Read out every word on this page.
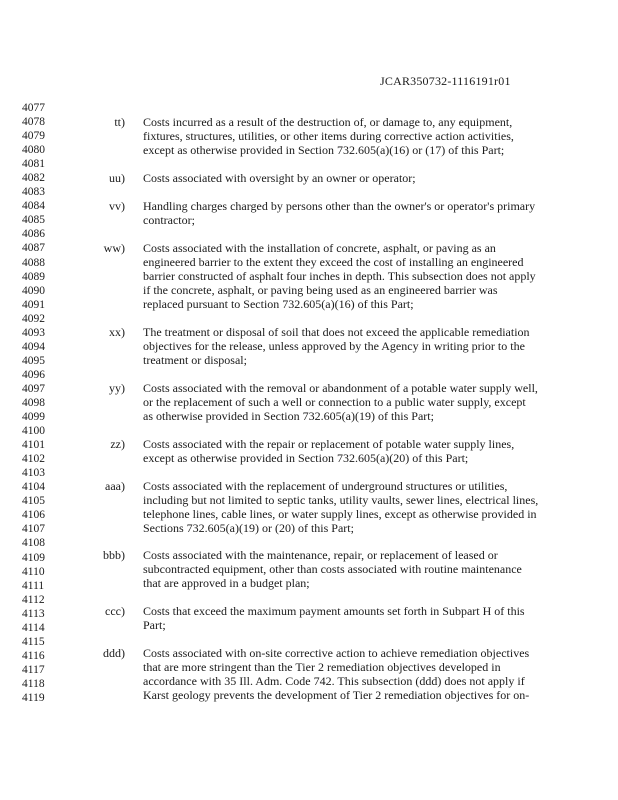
JCAR350732-1116191r01
4077
4078
4079
4080
4081
4082
4083
4084
4085
4086
4087
4088
4089
4090
4091
4092
4093
4094
4095
4096
4097
4098
4099
4100
4101
4102
4103
4104
4105
4106
4107
4108
4109
4110
4111
4112
4113
4114
4115
4116
4117
4118
4119
tt) Costs incurred as a result of the destruction of, or damage to, any equipment,
fixtures, structures, utilities, or other items during corrective action activities,
except as otherwise provided in Section 732.605(a)(16) or (17) of this Part;
uu) Costs associated with oversight by an owner or operator;
vv) Handling charges charged by persons other than the owner's or operator's primary
contractor;
ww) Costs associated with the installation of concrete, asphalt, or paving as an
engineered barrier to the extent they exceed the cost of installing an engineered
barrier constructed of asphalt four inches in depth. This subsection does not apply
if the concrete, asphalt, or paving being used as an engineered barrier was
replaced pursuant to Section 732.605(a)(16) of this Part;
xx) The treatment or disposal of soil that does not exceed the applicable remediation
objectives for the release, unless approved by the Agency in writing prior to the
treatment or disposal;
yy) Costs associated with the removal or abandonment of a potable water supply well,
or the replacement of such a well or connection to a public water supply, except
as otherwise provided in Section 732.605(a)(19) of this Part;
zz) Costs associated with the repair or replacement of potable water supply lines,
except as otherwise provided in Section 732.605(a)(20) of this Part;
aaa) Costs associated with the replacement of underground structures or utilities,
including but not limited to septic tanks, utility vaults, sewer lines, electrical lines,
telephone lines, cable lines, or water supply lines, except as otherwise provided in
Sections 732.605(a)(19) or (20) of this Part;
bbb) Costs associated with the maintenance, repair, or replacement of leased or
subcontracted equipment, other than costs associated with routine maintenance
that are approved in a budget plan;
ccc) Costs that exceed the maximum payment amounts set forth in Subpart H of this
Part;
ddd) Costs associated with on-site corrective action to achieve remediation objectives
that are more stringent than the Tier 2 remediation objectives developed in
accordance with 35 Ill. Adm. Code 742. This subsection (ddd) does not apply if
Karst geology prevents the development of Tier 2 remediation objectives for on-
